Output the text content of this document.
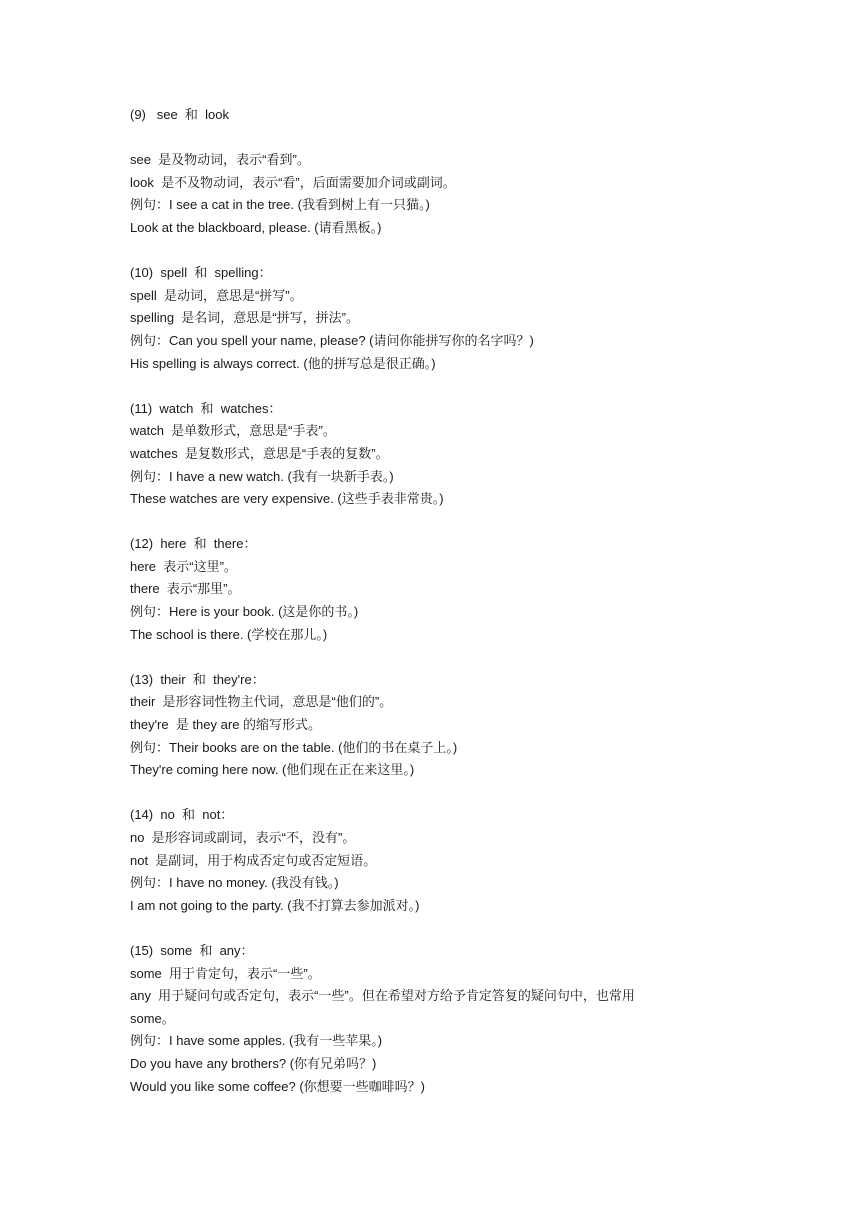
(9)   see  和  look
see  是及物动词，表示“看到”。
look  是不及物动词，表示“看”，后面需要加介词或副词。
例句：I see a cat in the tree. (我看到树上有一只猫。)
Look at the blackboard, please. (请看黑板。)
(10)  spell  和  spelling：
spell  是动词，意思是“拼写”。
spelling  是名词，意思是“拼写，拼法”。
例句：Can you spell your name, please? (请问你能拼写你的名字吗？)
His spelling is always correct. (他的拼写总是很正确。)
(11)  watch  和  watches：
watch  是单数形式，意思是“手表”。
watches  是复数形式，意思是“手表的复数”。
例句：I have a new watch. (我有一块新手表。)
These watches are very expensive. (这些手表非常贵。)
(12)  here  和  there：
here  表示“这里”。
there  表示“那里”。
例句：Here is your book. (这是你的书。)
The school is there. (学校在那儿。)
(13)  their  和  they're：
their  是形容词性物主代词，意思是“他们的”。
they're  是 they are 的缩写形式。
例句：Their books are on the table. (他们的书在桌子上。)
They're coming here now. (他们现在正在来这里。)
(14)  no  和  not：
no  是形容词或副词，表示“不，没有”。
not  是副词，用于构成否定句或否定短语。
例句：I have no money. (我没有钱。)
I am not going to the party. (我不打算去参加派对。)
(15)  some  和  any：
some  用于肯定句，表示“一些”。
any  用于疑问句或否定句，表示“一些”。但在希望对方给予肯定答复的疑问句中，也常用
some。
例句：I have some apples. (我有一些苹果。)
Do you have any brothers? (你有兄弟吗？)
Would you like some coffee? (你想要一些咖啡吗？)
